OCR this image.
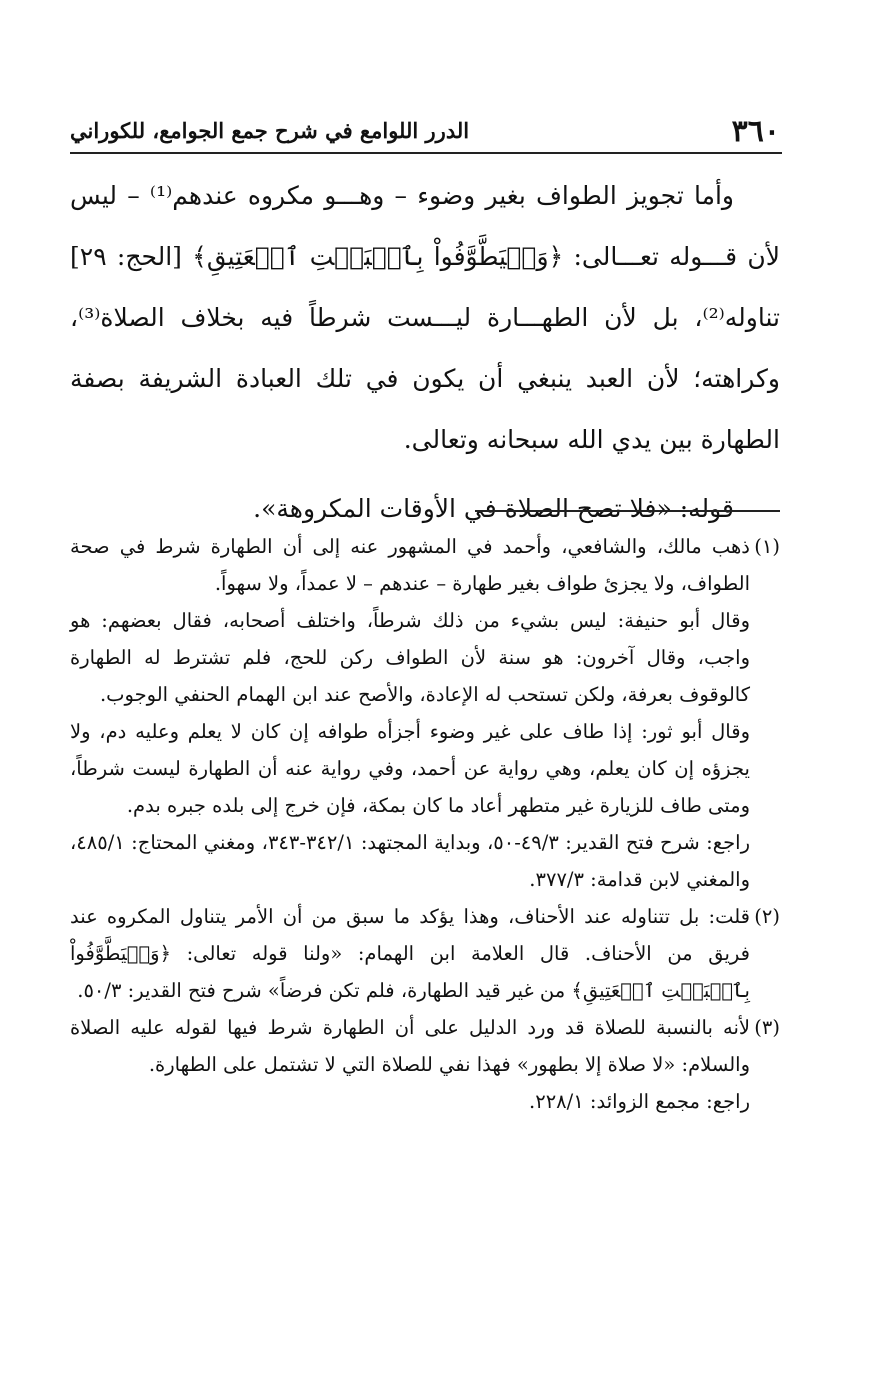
٣٦٠
الدرر اللوامع في شرح جمع الجوامع، للكوراني

وأما تجويز الطواف بغير وضوء – وهـــو مكروه عندهم⁽¹⁾ – ليس لأن قـــوله تعـــالى: ﴿وَلۡيَطَّوَّفُواْ بِٱلۡبَيۡتِ ٱلۡعَتِيقِ﴾ [الحج: ٢٩] تناوله⁽²⁾، بل لأن الطهـــارة ليـــست شرطاً فيه بخلاف الصلاة⁽³⁾، وكراهته؛ لأن العبد ينبغي أن يكون في تلك العبادة الشريفة بصفة الطهارة بين يدي الله سبحانه وتعالى.

قوله: «فلا تصح الصلاة في الأوقات المكروهة».

(١)
ذهب مالك، والشافعي، وأحمد في المشهور عنه إلى أن الطهارة شرط في صحة الطواف، ولا يجزئ طواف بغير طهارة – عندهم – لا عمداً، ولا سهواً.

وقال أبو حنيفة: ليس بشيء من ذلك شرطاً، واختلف أصحابه، فقال بعضهم: هو واجب، وقال آخرون: هو سنة لأن الطواف ركن للحج، فلم تشترط له الطهارة كالوقوف بعرفة، ولكن تستحب له الإعادة، والأصح عند ابن الهمام الحنفي الوجوب.

وقال أبو ثور: إذا طاف على غير وضوء أجزأه طوافه إن كان لا يعلم وعليه دم، ولا يجزؤه إن كان يعلم، وهي رواية عن أحمد، وفي رواية عنه أن الطهارة ليست شرطاً، ومتى طاف للزيارة غير متطهر أعاد ما كان بمكة، فإن خرج إلى بلده جبره بدم.

راجع: شرح فتح القدير: ٤٩/٣-٥٠، وبداية المجتهد: ٣٤٢/١-٣٤٣، ومغني المحتاج: ٤٨٥/١، والمغني لابن قدامة: ٣٧٧/٣.

(٢)
قلت: بل تتناوله عند الأحناف، وهذا يؤكد ما سبق من أن الأمر يتناول المكروه عند فريق من الأحناف. قال العلامة ابن الهمام: «ولنا قوله تعالى: ﴿وَلۡيَطَّوَّفُواْ بِٱلۡبَيۡتِ ٱلۡعَتِيقِ﴾ من غير قيد الطهارة، فلم تكن فرضاً» شرح فتح القدير: ٥٠/٣.
(٣)
لأنه بالنسبة للصلاة قد ورد الدليل على أن الطهارة شرط فيها لقوله عليه الصلاة والسلام: «لا صلاة إلا بطهور» فهذا نفي للصلاة التي لا تشتمل على الطهارة.

راجع: مجمع الزوائد: ٢٢٨/١.
